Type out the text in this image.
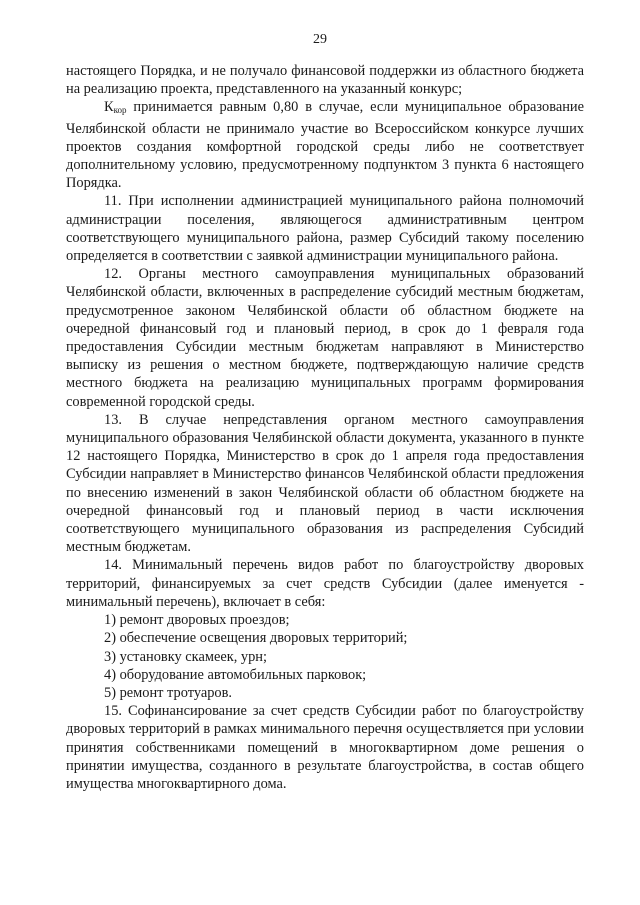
29

настоящего Порядка, и не получало финансовой поддержки из областного бюджета на реализацию проекта, представленного на указанный конкурс;

$К_{кор}$ принимается равным 0,80 в случае, если муниципальное образование Челябинской области не принимало участие во Всероссийском конкурсе лучших проектов создания комфортной городской среды либо не соответствует дополнительному условию, предусмотренному подпунктом 3 пункта 6 настоящего Порядка.

11. При исполнении администрацией муниципального района полномочий администрации поселения, являющегося административным центром соответствующего муниципального района, размер Субсидий такому поселению определяется в соответствии с заявкой администрации муниципального района.

12. Органы местного самоуправления муниципальных образований Челябинской области, включенных в распределение субсидий местным бюджетам, предусмотренное законом Челябинской области об областном бюджете на очередной финансовый год и плановый период, в срок до 1 февраля года предоставления Субсидии местным бюджетам направляют в Министерство выписку из решения о местном бюджете, подтверждающую наличие средств местного бюджета на реализацию муниципальных программ формирования современной городской среды.

13. В случае непредставления органом местного самоуправления муниципального образования Челябинской области документа, указанного в пункте 12 настоящего Порядка, Министерство в срок до 1 апреля года предоставления Субсидии направляет в Министерство финансов Челябинской области предложения по внесению изменений в закон Челябинской области об областном бюджете на очередной финансовый год и плановый период в части исключения соответствующего муниципального образования из распределения Субсидий местным бюджетам.

14. Минимальный перечень видов работ по благоустройству дворовых территорий, финансируемых за счет средств Субсидии (далее именуется - минимальный перечень), включает в себя:

1) ремонт дворовых проездов;

2) обеспечение освещения дворовых территорий;

3) установку скамеек, урн;

4) оборудование автомобильных парковок;

5) ремонт тротуаров.

15. Софинансирование за счет средств Субсидии работ по благоустройству дворовых территорий в рамках минимального перечня осуществляется при условии принятия собственниками помещений в многоквартирном доме решения о принятии имущества, созданного в результате благоустройства, в состав общего имущества многоквартирного дома.
